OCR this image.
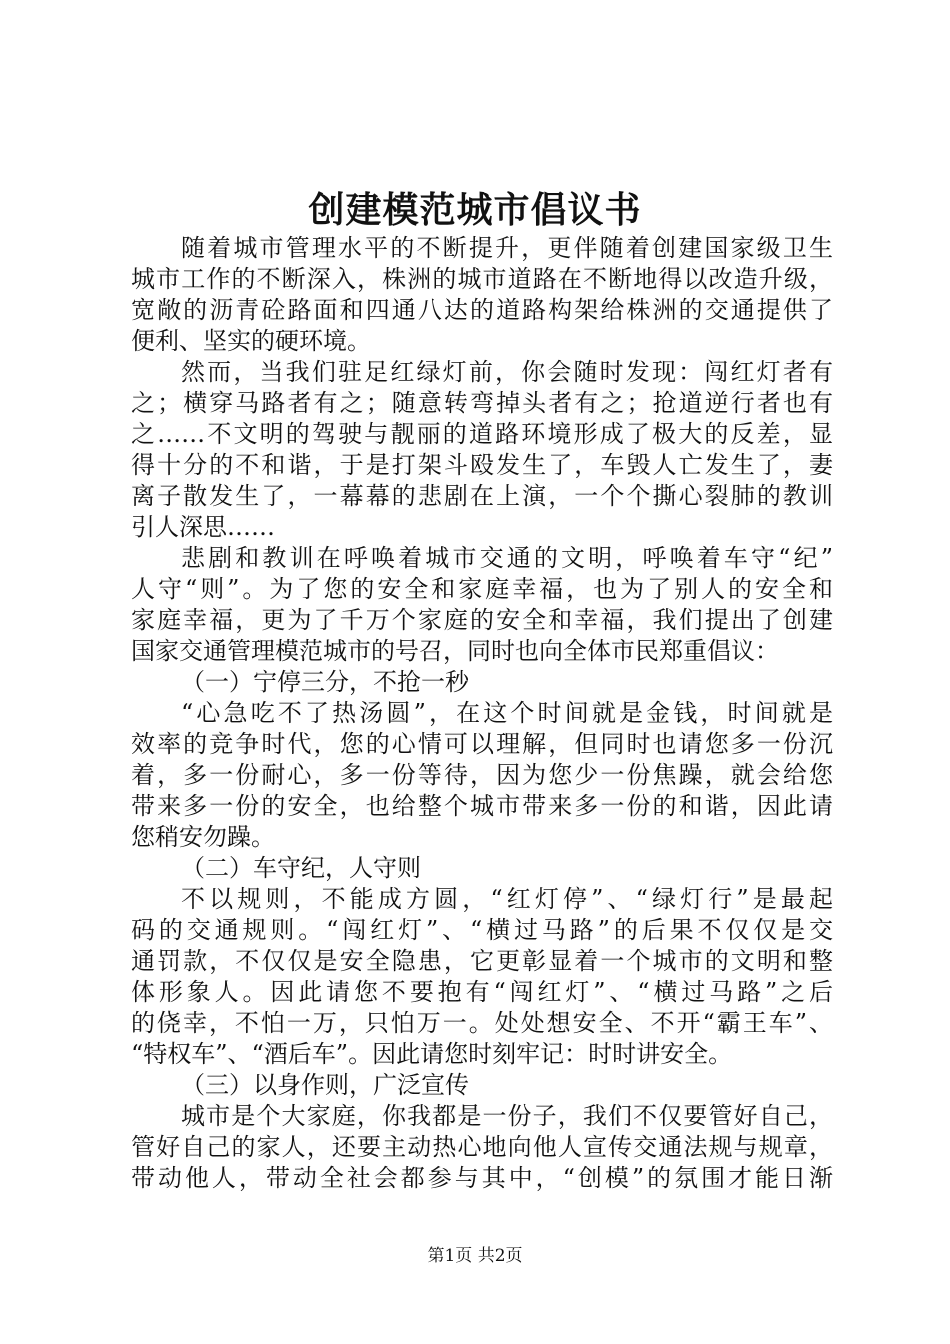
创建模范城市倡议书
随着城市管理水平的不断提升，更伴随着创建国家级卫生
城市工作的不断深入，株洲的城市道路在不断地得以改造升级，
宽敞的沥青砼路面和四通八达的道路构架给株洲的交通提供了
便利、坚实的硬环境。
然而，当我们驻足红绿灯前，你会随时发现：闯红灯者有
之；横穿马路者有之；随意转弯掉头者有之；抢道逆行者也有
之……不文明的驾驶与靓丽的道路环境形成了极大的反差，显
得十分的不和谐，于是打架斗殴发生了，车毁人亡发生了，妻
离子散发生了，一幕幕的悲剧在上演，一个个撕心裂肺的教训
引人深思……
悲剧和教训在呼唤着城市交通的文明，呼唤着车守“纪”
人守“则”。为了您的安全和家庭幸福，也为了别人的安全和
家庭幸福，更为了千万个家庭的安全和幸福，我们提出了创建
国家交通管理模范城市的号召，同时也向全体市民郑重倡议：
（一）宁停三分，不抢一秒
“心急吃不了热汤圆”，在这个时间就是金钱，时间就是
效率的竞争时代，您的心情可以理解，但同时也请您多一份沉
着，多一份耐心，多一份等待，因为您少一份焦躁，就会给您
带来多一份的安全，也给整个城市带来多一份的和谐，因此请
您稍安勿躁。
（二）车守纪，人守则
不以规则，不能成方圆，“红灯停”、“绿灯行”是最起
码的交通规则。“闯红灯”、“横过马路”的后果不仅仅是交
通罚款，不仅仅是安全隐患，它更彰显着一个城市的文明和整
体形象人。因此请您不要抱有“闯红灯”、“横过马路”之后
的侥幸，不怕一万，只怕万一。处处想安全、不开“霸王车”、
“特权车”、“酒后车”。因此请您时刻牢记：时时讲安全。
（三）以身作则，广泛宣传
城市是个大家庭，你我都是一份子，我们不仅要管好自己，
管好自己的家人，还要主动热心地向他人宣传交通法规与规章，
带动他人，带动全社会都参与其中，“创模”的氛围才能日渐
第1页 共2页
